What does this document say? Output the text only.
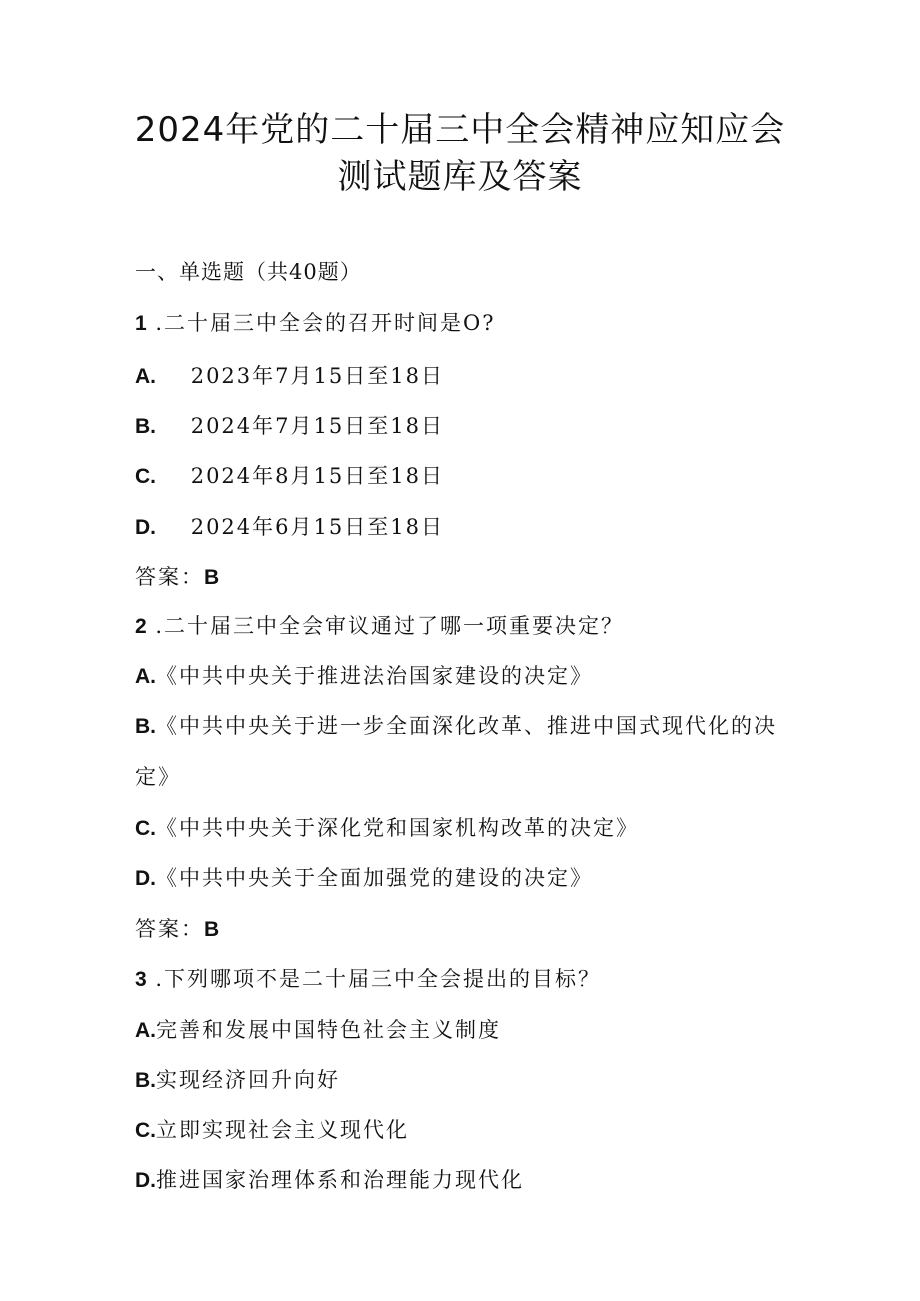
2024年党的二十届三中全会精神应知应会
测试题库及答案
一、单选题（共40题）
1 .二十届三中全会的召开时间是O?
A. 2023年7月15日至18日
B. 2024年7月15日至18日
C. 2024年8月15日至18日
D. 2024年6月15日至18日
答案：B
2 .二十届三中全会审议通过了哪一项重要决定？
A.《中共中央关于推进法治国家建设的决定》
B.《中共中央关于进一步全面深化改革、推进中国式现代化的决
定》
C.《中共中央关于深化党和国家机构改革的决定》
D.《中共中央关于全面加强党的建设的决定》
答案：B
3 .下列哪项不是二十届三中全会提出的目标？
A.完善和发展中国特色社会主义制度
B.实现经济回升向好
C.立即实现社会主义现代化
D.推进国家治理体系和治理能力现代化
